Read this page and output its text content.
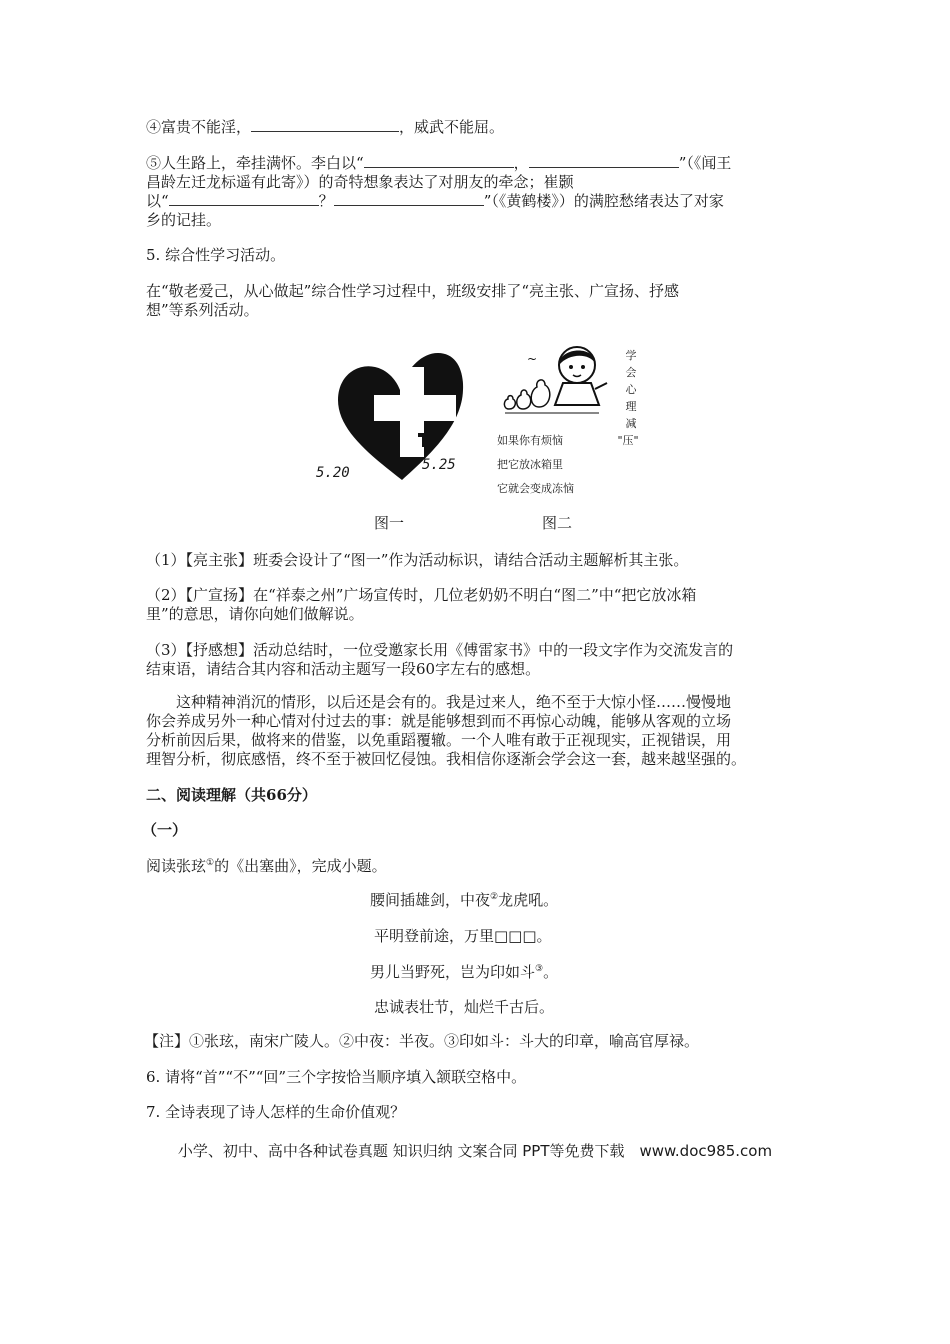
④富贵不能淫，	，威武不能屈。
⑤人生路上，牵挂满怀。李白以“	，	”（《闻王
昌龄左迁龙标遥有此寄》）的奇特想象表达了对朋友的牵念；崔颢
以“	？	”（《黄鹤楼》）的满腔愁绪表达了对家
乡的记挂。
5. 综合性学习活动。
在“敬老爱己，从心做起”综合性学习过程中，班级安排了“亮主张、广宣扬、抒感
想”等系列活动。
5.20	5.25
~	学
会
心
理
减
"压"
如果你有烦恼
把它放冰箱里
它就会变成冻恼
图一	图二
（1）【亮主张】班委会设计了“图一”作为活动标识，请结合活动主题解析其主张。
（2）【广宣扬】在“祥泰之州”广场宣传时，几位老奶奶不明白“图二”中“把它放冰箱
里”的意思，请你向她们做解说。
（3）【抒感想】活动总结时，一位受邀家长用《傅雷家书》中的一段文字作为交流发言的
结束语，请结合其内容和活动主题写一段60字左右的感想。
这种精神消沉的情形，以后还是会有的。我是过来人，绝不至于大惊小怪……慢慢地
你会养成另外一种心情对付过去的事：就是能够想到而不再惊心动魄，能够从客观的立场
分析前因后果，做将来的借鉴，以免重蹈覆辙。一个人唯有敢于正视现实，正视错误，用
理智分析，彻底感悟，终不至于被回忆侵蚀。我相信你逐渐会学会这一套，越来越坚强的。
二、阅读理解（共66分）
（一）
阅读张玹①的《出塞曲》，完成小题。
腰间插雄剑，中夜②龙虎吼。
平明登前途，万里□□□。
男儿当野死，岂为印如斗③。
忠诚表壮节，灿烂千古后。
【注】①张玹，南宋广陵人。②中夜：半夜。③印如斗：斗大的印章，喻高官厚禄。
6. 请将“首”“不”“回”三个字按恰当顺序填入颔联空格中。
7. 全诗表现了诗人怎样的生命价值观？
小学、初中、高中各种试卷真题 知识归纳 文案合同 PPT等免费下载　www.doc985.com
